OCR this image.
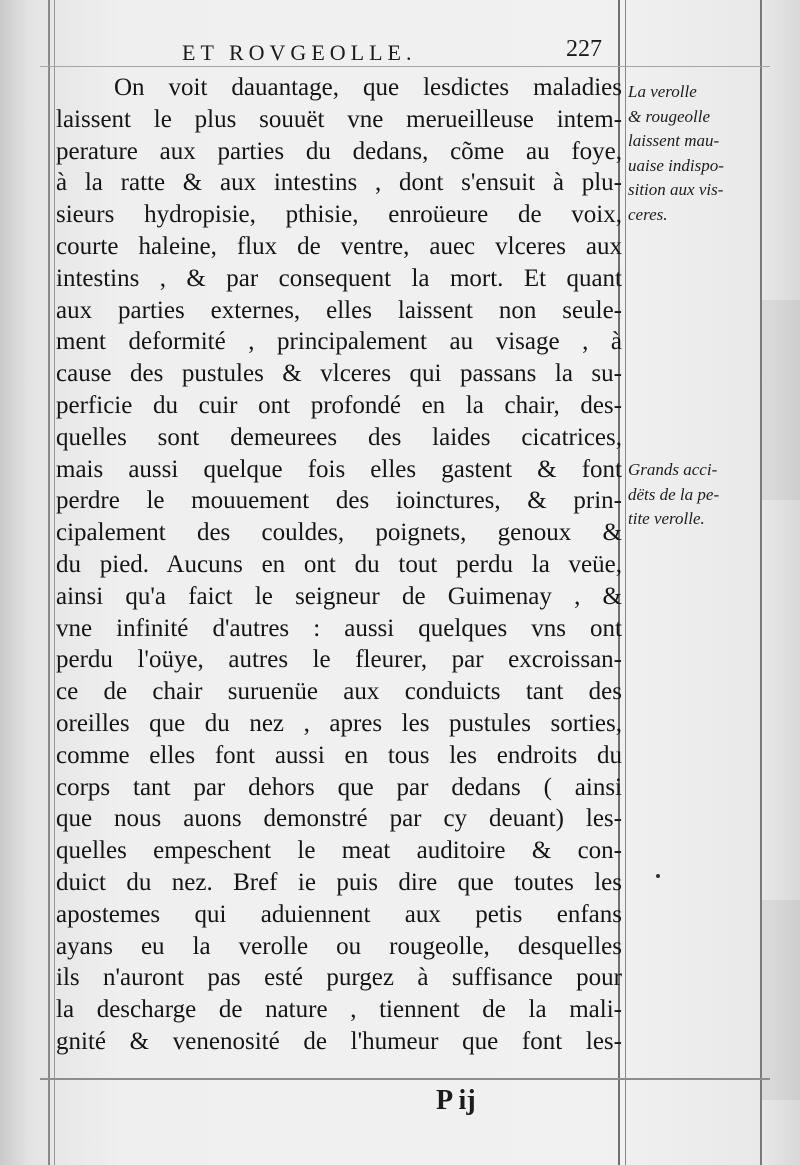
ET ROVGEOLLE.	227
On voit dauantage, que lesdictes maladies
laissent le plus souuët vne merueilleuse intem-
perature aux parties du dedans, cõme au foye,
à la ratte & aux intestins , dont s'ensuit à plu-
sieurs hydropisie, pthisie, enroüeure de voix,
courte haleine, flux de ventre, auec vlceres aux
intestins , & par consequent la mort. Et quant
aux parties externes, elles laissent non seule-
ment deformité , principalement au visage , à
cause des pustules & vlceres qui passans la su-
perficie du cuir ont profondé en la chair, des-
quelles sont demeurees des laides cicatrices,
mais aussi quelque fois elles gastent & font
perdre le mouuement des ioinctures, & prin-
cipalement des couldes, poignets, genoux &
du pied. Aucuns en ont du tout perdu la veüe,
ainsi qu'a faict le seigneur de Guimenay , &
vne infinité d'autres : aussi quelques vns ont
perdu l'oüye, autres le fleurer, par excroissan-
ce de chair suruenüe aux conduicts tant des
oreilles que du nez , apres les pustules sorties,
comme elles font aussi en tous les endroits du
corps tant par dehors que par dedans ( ainsi
que nous auons demonstré par cy deuant) les-
quelles empeschent le meat auditoire & con-
duict du nez. Bref ie puis dire que toutes les
apostemes qui aduiennent aux petis enfans
ayans eu la verolle ou rougeolle, desquelles
ils n'auront pas esté purgez à suffisance pour
la descharge de nature , tiennent de la mali-
gnité & venenosité de l'humeur que font les-
La verolle
& rougeolle
laissent mau-
uaise indispo-
sition aux vis-
ceres.
Grands acci-
dëts de la pe-
tite verolle.
P ij
